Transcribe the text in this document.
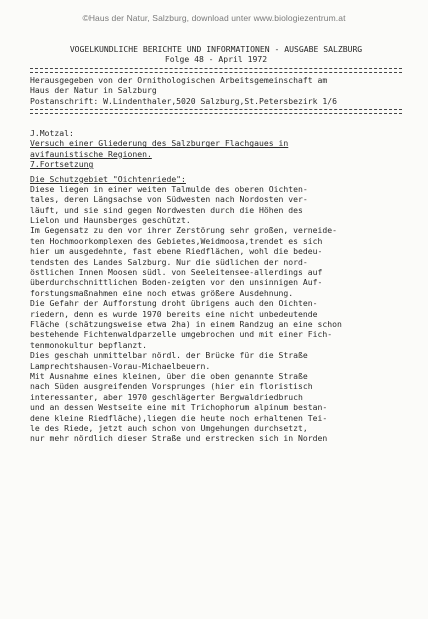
©Haus der Natur, Salzburg, download unter www.biologiezentrum.at
VOGELKUNDLICHE BERICHTE UND INFORMATIONEN - AUSGABE SALZBURG
Folge 48 - April 1972
Herausgegeben von der Ornithologischen Arbeitsgemeinschaft am
Haus der Natur in Salzburg
Postanschrift: W.Lindenthaler,5020 Salzburg,St.Petersbezirk 1/6
J.Motzal:
Versuch einer Gliederung des Salzburger Flachgaues in
avifaunistische Regionen.
7.Fortsetzung
Die Schutzgebiet "Oichtenriede":
Diese liegen in einer weiten Talmulde des oberen Oichten-
tales, deren Längsachse von Südwesten nach Nordosten ver-
läuft, und sie sind gegen Nordwesten durch die Höhen des
Lielon und Haunsberges geschützt.
Im Gegensatz zu den vor ihrer Zerstörung sehr großen, verneide-
ten Hochmoorkomplexen des Gebietes,Weidmoosa,trendet es sich
hier um ausgedehnte, fast ebene Riedflächen, wohl die bedeu-
tendsten des Landes Salzburg. Nur die südlichen der nord-
östlichen Innen Moosen südl. von Seeleitensee-allerdings auf
überdurchschnittlichen Boden-zeigten vor den unsinnigen Auf-
forstungsmaßnahmen eine noch etwas größere Ausdehnung.
Die Gefahr der Aufforstung droht übrigens auch den Oichten-
riedern, denn es wurde 1970 bereits eine nicht unbedeutende
Fläche (schätzungsweise etwa 2ha) in einem Randzug an eine schon
bestehende Fichtenwaldparzelle umgebrochen und mit einer Fich-
tenmonokultur bepflanzt.
Dies geschah unmittelbar nördl. der Brücke für die Straße
Lamprechtshausen-Vorau-Michaelbeuern.
Mit Ausnahme eines kleinen, über die oben genannte Straße
nach Süden ausgreifenden Vorsprunges (hier ein floristisch
interessanter, aber 1970 geschlägerter Bergwaldriedbruch
und an dessen Westseite eine mit Trichophorum alpinum bestan-
dene kleine Riedfläche),liegen die heute noch erhaltenen Tei-
le des Riede, jetzt auch schon von Umgehungen durchsetzt,
nur mehr nördlich dieser Straße und erstrecken sich in Norden
